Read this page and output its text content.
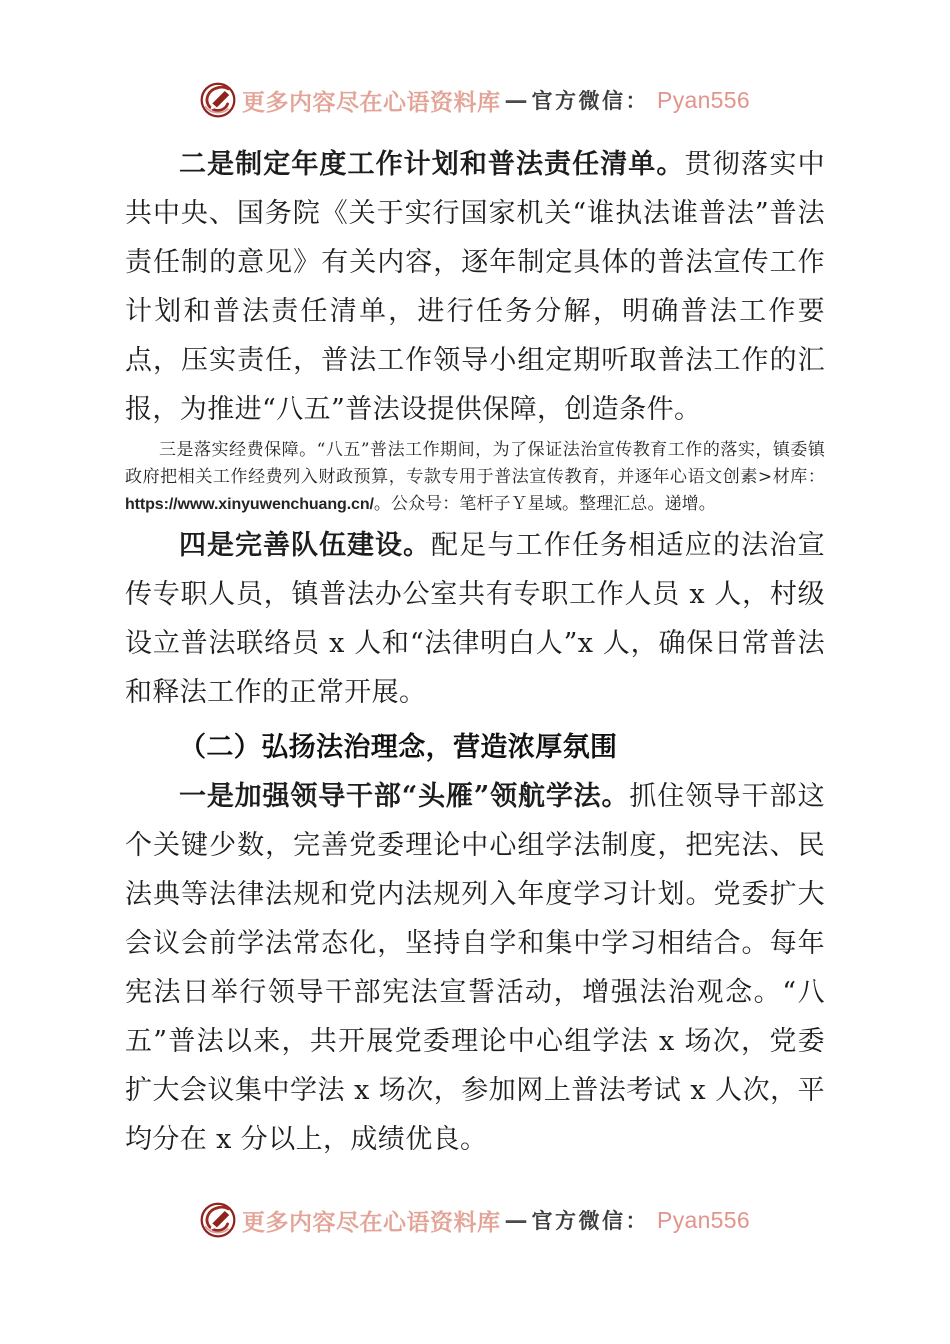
更多内容尽在心语资料库 — 官方微信： Pyan556

二是制定年度工作计划和普法责任清单。贯彻落实中共中央、国务院《关于实行国家机关“谁执法谁普法”普法责任制的意见》有关内容，逐年制定具体的普法宣传工作计划和普法责任清单，进行任务分解，明确普法工作要点，压实责任，普法工作领导小组定期听取普法工作的汇报，为推进“八五”普法设提供保障，创造条件。

三是落实经费保障。“八五”普法工作期间，为了保证法治宣传教育工作的落实，镇委镇政府把相关工作经费列入财政预算，专款专用于普法宣传教育，并逐年心语文创素>材库：https://www.xinyuwenchuang.cn/。公众号：笔杆子Ｙ星域。整理汇总。递增。

四是完善队伍建设。配足与工作任务相适应的法治宣传专职人员，镇普法办公室共有专职工作人员 x 人，村级设立普法联络员 x 人和“法律明白人”x 人，确保日常普法和释法工作的正常开展。

（二）弘扬法治理念，营造浓厚氛围

一是加强领导干部“头雁”领航学法。抓住领导干部这个关键少数，完善党委理论中心组学法制度，把宪法、民法典等法律法规和党内法规列入年度学习计划。党委扩大会议会前学法常态化，坚持自学和集中学习相结合。每年宪法日举行领导干部宪法宣誓活动，增强法治观念。“八五”普法以来，共开展党委理论中心组学法 x 场次，党委扩大会议集中学法 x 场次，参加网上普法考试 x 人次，平均分在 x 分以上，成绩优良。

更多内容尽在心语资料库 — 官方微信： Pyan556
